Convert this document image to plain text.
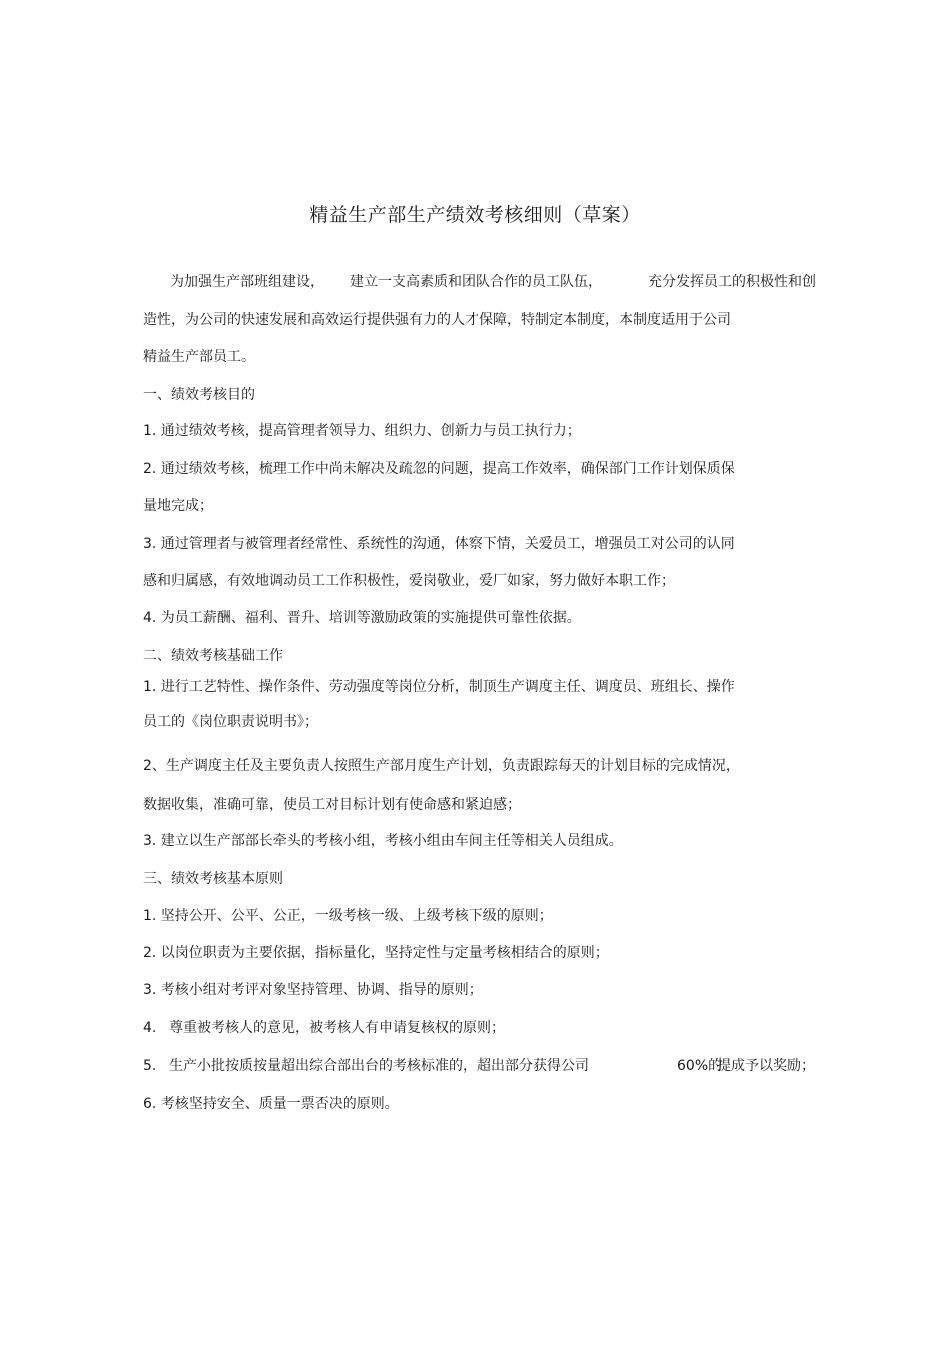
精益生产部生产绩效考核细则（草案）
为加强生产部班组建设， 建立一支高素质和团队合作的员工队伍，	充分发挥员工的积极性和创
造性，为公司的快速发展和高效运行提供强有力的人才保障，特制定本制度，本制度适用于公司
精益生产部员工。
一、绩效考核目的
1. 通过绩效考核，提高管理者领导力、组织力、创新力与员工执行力；
2. 通过绩效考核，梳理工作中尚未解决及疏忽的问题，提高工作效率，确保部门工作计划保质保
量地完成；
3. 通过管理者与被管理者经常性、系统性的沟通，体察下情，关爱员工，增强员工对公司的认同
感和归属感，有效地调动员工工作积极性，爱岗敬业，爱厂如家，努力做好本职工作；
4. 为员工薪酬、福利、晋升、培训等激励政策的实施提供可靠性依据。
二、绩效考核基础工作
1. 进行工艺特性、操作条件、劳动强度等岗位分析，制顶生产调度主任、调度员、班组长、操作
员工的《岗位职责说明书》；
2、生产调度主任及主要负责人按照生产部月度生产计划，负责跟踪每天的计划目标的完成情况，
数据收集，准确可靠，使员工对目标计划有使命感和紧迫感；
3. 建立以生产部部长牵头的考核小组，考核小组由车间主任等相关人员组成。
三、绩效考核基本原则
1. 坚持公开、公平、公正，一级考核一级、上级考核下级的原则；
2. 以岗位职责为主要依据，指标量化，坚持定性与定量考核相结合的原则；
3. 考核小组对考评对象坚持管理、协调、指导的原则；
4. 尊重被考核人的意见，被考核人有申请复核权的原则；
5. 生产小批按质按量超出综合部出台的考核标准的，超出部分获得公司	60%的
提成予以奖励；
6. 考核坚持安全、质量一票否决的原则。
